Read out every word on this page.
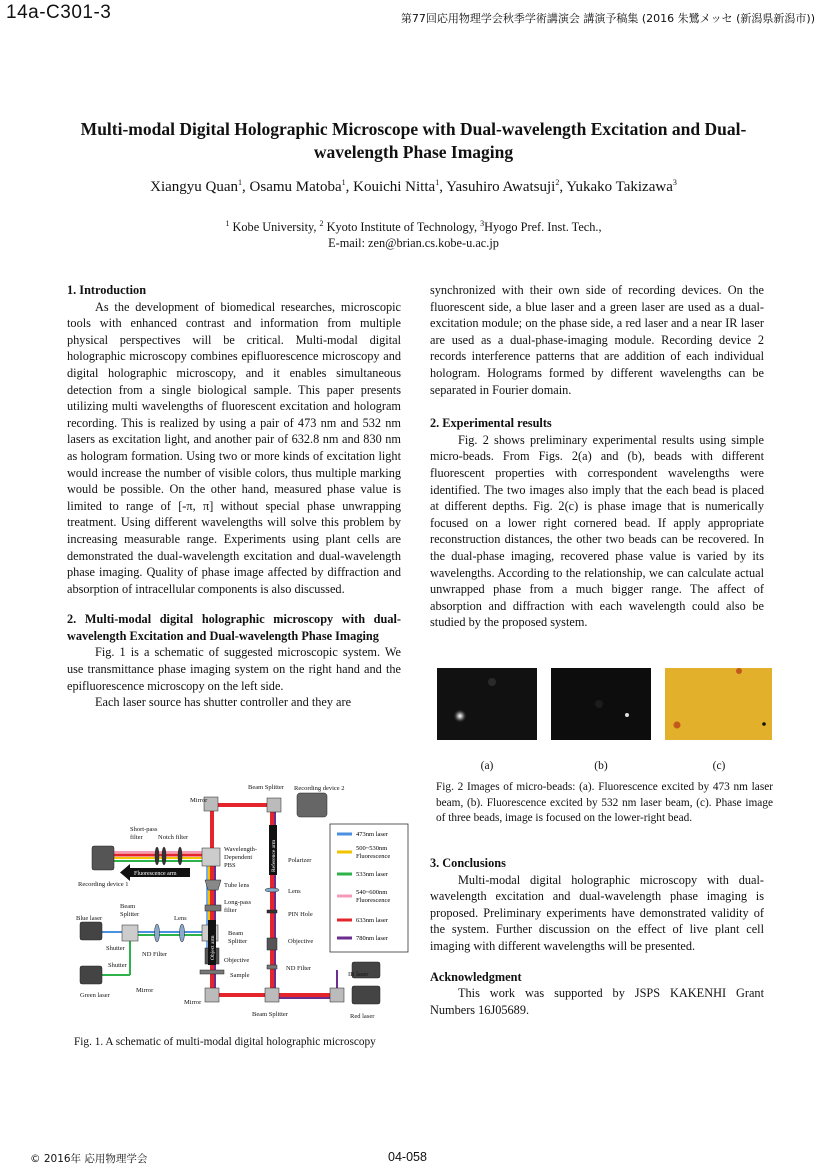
14a-C301-3	第77回応用物理学会秋季学術講演会 講演予稿集 (2016 朱鷺メッセ (新潟県新潟市))
Multi-modal Digital Holographic Microscope with Dual-wavelength Excitation and Dual-wavelength Phase Imaging
Xiangyu Quan$^1$, Osamu Matoba$^1$, Kouichi Nitta$^1$, Yasuhiro Awatsuji$^2$, Yukako Takizawa$^3$
$^1$ Kobe University, $^2$ Kyoto Institute of Technology, $^3$Hyogo Pref. Inst. Tech.,
E-mail: zen@brian.cs.kobe-u.ac.jp

1. Introduction

As the development of biomedical researches, microscopic tools with enhanced contrast and information from multiple physical perspectives will be critical. Multi-modal digital holographic microscopy combines epifluorescence microscopy and digital holographic microscopy, and it enables simultaneous detection from a single biological sample. This paper presents utilizing multi wavelengths of fluorescent excitation and hologram recording. This is realized by using a pair of 473 nm and 532 nm lasers as excitation light, and another pair of 632.8 nm and 830 nm as hologram formation. Using two or more kinds of excitation light would increase the number of visible colors, thus multiple marking would be possible. On the other hand, measured phase value is limited to range of [-π, π] without special phase unwrapping treatment. Using different wavelengths will solve this problem by increasing measurable range. Experiments using plant cells are demonstrated the dual-wavelength excitation and dual-wavelength phase imaging. Quality of phase image affected by diffraction and absorption of intracellular components is also discussed.

2. Multi-modal digital holographic microscopy with dual- wavelength Excitation and Dual-wavelength Phase Imaging

Fig. 1 is a schematic of suggested microscopic system. We use transmittance phase imaging system on the right hand and the epifluorescence microscopy on the left side.

Each laser source has shutter controller and they are

Fluorescence arm
Reference arm
Object arm
Beam Splitter Recording device 2
Mirror
Short-pass
filter Notch filter
Wavelength-
Dependent
PBS
Recording device 1	Tube lens
Long-pass
filter
Beam
Splitter
Lens
Blue laser
Shutter
ND Filter
Shutter
Green laser
Mirror
Beam
Splitter
Objective
Sample
Mirror
Beam Splitter
Polarizer
Lens
PIN Hole
Objective
ND Filter
IR laser
Red laser
473nm laser
500~530nm
Fluorescence
533nm laser
540~600nm
Fluorescence
633nm laser
780nm laser
Fig. 1. A schematic of multi-modal digital holographic microscopy

synchronized with their own side of recording devices. On the fluorescent side, a blue laser and a green laser are used as a dual-excitation module; on the phase side, a red laser and a near IR laser are used as a dual-phase-imaging module. Recording device 2 records interference patterns that are addition of each individual hologram. Holograms formed by different wavelengths can be separated in Fourier domain.

2. Experimental results

Fig. 2 shows preliminary experimental results using simple micro-beads. From Figs. 2(a) and (b), beads with different fluorescent properties with correspondent wavelengths were identified. The two images also imply that the each bead is placed at different depths. Fig. 2(c) is phase image that is numerically focused on a lower right cornered bead. If apply appropriate reconstruction distances, the other two beads can be recovered. In the dual-phase imaging, recovered phase value is varied by its wavelengths. According to the relationship, we can calculate actual unwrapped phase from a much bigger range. The affect of absorption and diffraction with each wavelength could also be studied by the proposed system.

(a)	(b)	(c)
Fig. 2 Images of micro-beads: (a). Fluorescence excited by 473 nm laser beam, (b). Fluorescence excited by 532 nm laser beam, (c). Phase image of three beads, image is focused on the lower-right bead.

3. Conclusions

Multi-modal digital holographic microscopy with dual-wavelength excitation and dual-wavelength phase imaging is proposed. Preliminary experiments have demonstrated validity of the system. Further discussion on the effect of live plant cell imaging with different wavelengths will be presented.

Acknowledgment

This work was supported by JSPS KAKENHI Grant Numbers 16J05689.

© 2016年 応用物理学会	04-058
